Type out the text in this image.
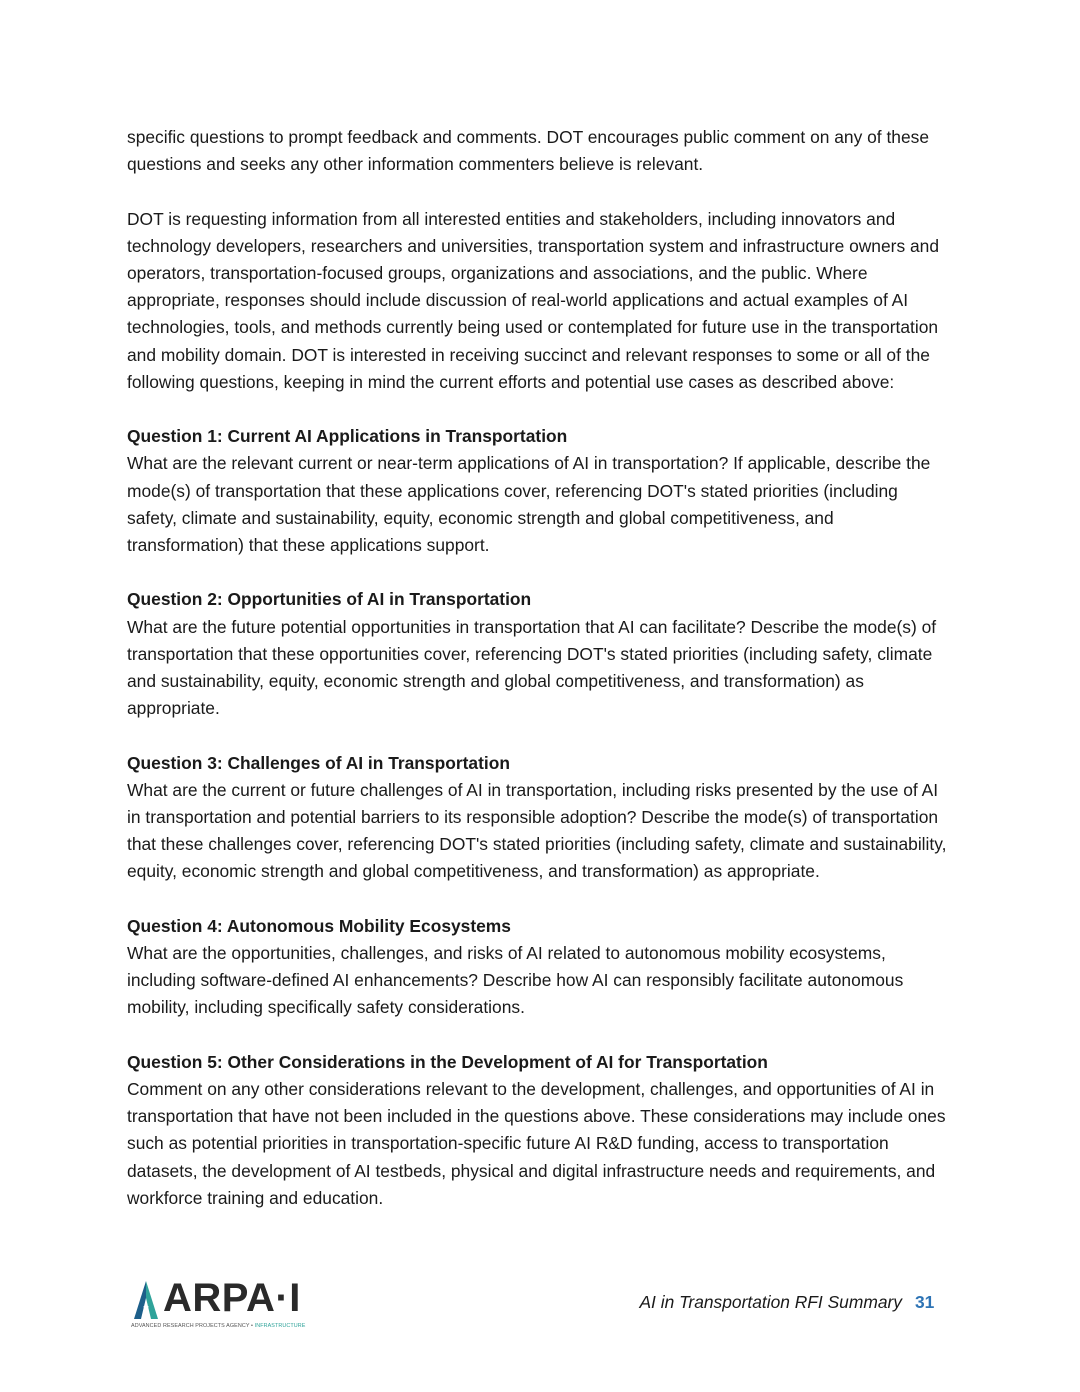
specific questions to prompt feedback and comments. DOT encourages public comment on any of these questions and seeks any other information commenters believe is relevant.

DOT is requesting information from all interested entities and stakeholders, including innovators and technology developers, researchers and universities, transportation system and infrastructure owners and operators, transportation-focused groups, organizations and associations, and the public. Where appropriate, responses should include discussion of real-world applications and actual examples of AI technologies, tools, and methods currently being used or contemplated for future use in the transportation and mobility domain. DOT is interested in receiving succinct and relevant responses to some or all of the following questions, keeping in mind the current efforts and potential use cases as described above:

Question 1: Current AI Applications in Transportation
What are the relevant current or near-term applications of AI in transportation? If applicable, describe the mode(s) of transportation that these applications cover, referencing DOT's stated priorities (including safety, climate and sustainability, equity, economic strength and global competitiveness, and transformation) that these applications support.
Question 2: Opportunities of AI in Transportation
What are the future potential opportunities in transportation that AI can facilitate? Describe the mode(s) of transportation that these opportunities cover, referencing DOT's stated priorities (including safety, climate and sustainability, equity, economic strength and global competitiveness, and transformation) as appropriate.
Question 3: Challenges of AI in Transportation
What are the current or future challenges of AI in transportation, including risks presented by the use of AI in transportation and potential barriers to its responsible adoption? Describe the mode(s) of transportation that these challenges cover, referencing DOT's stated priorities (including safety, climate and sustainability, equity, economic strength and global competitiveness, and transformation) as appropriate.
Question 4: Autonomous Mobility Ecosystems
What are the opportunities, challenges, and risks of AI related to autonomous mobility ecosystems, including software-defined AI enhancements? Describe how AI can responsibly facilitate autonomous mobility, including specifically safety considerations.
Question 5: Other Considerations in the Development of AI for Transportation
Comment on any other considerations relevant to the development, challenges, and opportunities of AI in transportation that have not been included in the questions above. These considerations may include ones such as potential priorities in transportation-specific future AI R&D funding, access to transportation datasets, the development of AI testbeds, physical and digital infrastructure needs and requirements, and workforce training and education.
ARPA·I
ADVANCED RESEARCH PROJECTS AGENCY • INFRASTRUCTURE
AI in Transportation RFI Summary 31
